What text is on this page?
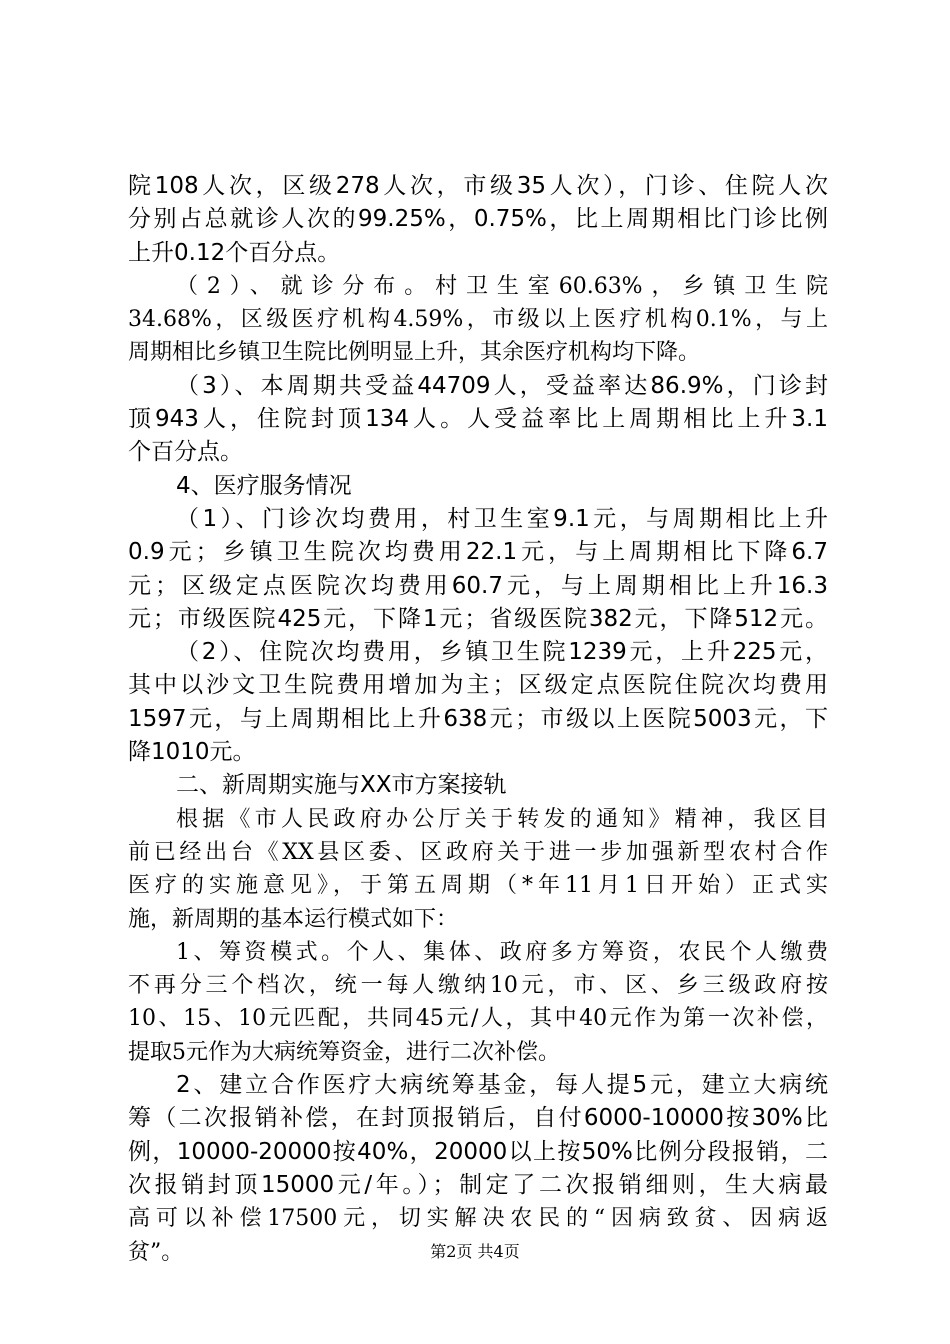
院108人次，区级278人次，市级35人次），门诊、住院人次
分别占总就诊人次的99.25%，0.75%，比上周期相比门诊比例
上升0.12个百分点。
（2）、就诊分布。村卫生室60.63%，乡镇卫生院
34.68%，区级医疗机构4.59%，市级以上医疗机构0.1%，与上
周期相比乡镇卫生院比例明显上升，其余医疗机构均下降。
（3）、本周期共受益44709人，受益率达86.9%，门诊封
顶943人，住院封顶134人。人受益率比上周期相比上升3.1
个百分点。
4、医疗服务情况
（1）、门诊次均费用，村卫生室9.1元，与周期相比上升
0.9元；乡镇卫生院次均费用22.1元，与上周期相比下降6.7
元；区级定点医院次均费用60.7元，与上周期相比上升16.3
元；市级医院425元，下降1元；省级医院382元，下降512元。
（2）、住院次均费用，乡镇卫生院1239元，上升225元，
其中以沙文卫生院费用增加为主；区级定点医院住院次均费用
1597元，与上周期相比上升638元；市级以上医院5003元，下
降1010元。
二、新周期实施与XX市方案接轨
根据《市人民政府办公厅关于转发的通知》精神，我区目
前已经出台《XX县区委、区政府关于进一步加强新型农村合作
医疗的实施意见》，于第五周期（*年11月1日开始）正式实
施，新周期的基本运行模式如下：
1、筹资模式。个人、集体、政府多方筹资，农民个人缴费
不再分三个档次，统一每人缴纳10元，市、区、乡三级政府按
10、15、10元匹配，共同45元/人，其中40元作为第一次补偿，
提取5元作为大病统筹资金，进行二次补偿。
2、建立合作医疗大病统筹基金，每人提5元，建立大病统
筹（二次报销补偿，在封顶报销后，自付6000-10000按30%比
例，10000-20000按40%，20000以上按50%比例分段报销，二
次报销封顶15000元/年。）；制定了二次报销细则，生大病最
高可以补偿17500元，切实解决农民的“因病致贫、因病返
贫”。	第2页 共4页
